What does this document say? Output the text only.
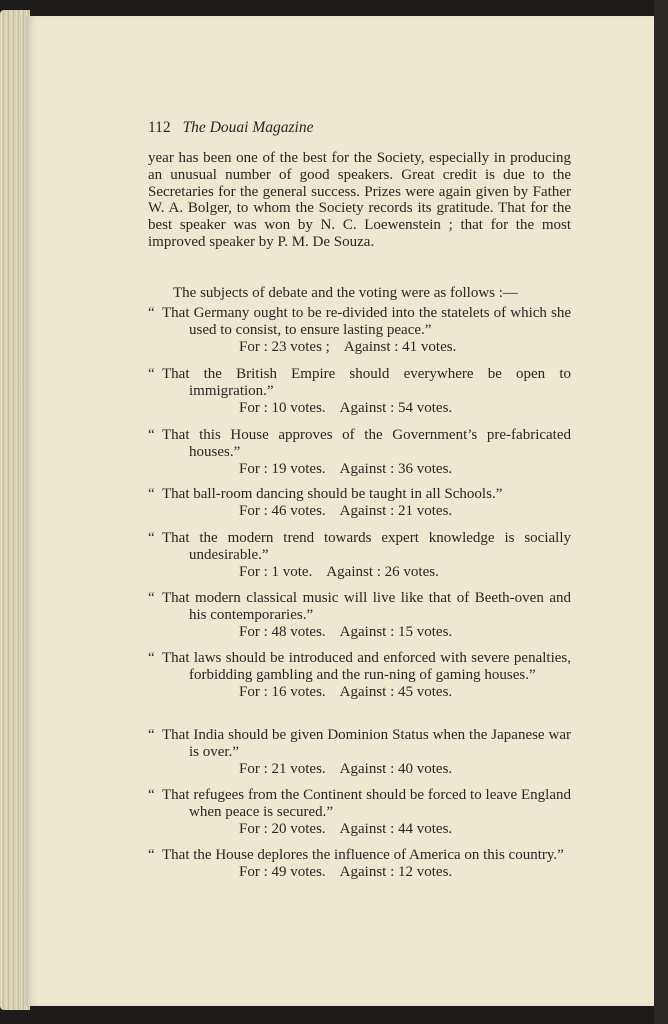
112 The Douai Magazine
year has been one of the best for the Society, especially in producing an unusual number of good speakers. Great credit is due to the Secretaries for the general success. Prizes were again given by Father W. A. Bolger, to whom the Society records its gratitude. That for the best speaker was won by N. C. Loewenstein ; that for the most improved speaker by P. M. De Souza.
The subjects of debate and the voting were as follows :—
“ That Germany ought to be re-divided into the statelets of which she used to consist, to ensure lasting peace.”
For : 23 votes ; Against : 41 votes.
“ That the British Empire should everywhere be open to immigration.”
For : 10 votes. Against : 54 votes.
“ That this House approves of the Government’s pre-fabricated houses.”
For : 19 votes. Against : 36 votes.
“ That ball-room dancing should be taught in all Schools.”
For : 46 votes. Against : 21 votes.
“ That the modern trend towards expert knowledge is socially undesirable.”
For : 1 vote. Against : 26 votes.
“ That modern classical music will live like that of Beeth-oven and his contemporaries.”
For : 48 votes. Against : 15 votes.
“ That laws should be introduced and enforced with severe penalties, forbidding gambling and the run-ning of gaming houses.”
For : 16 votes. Against : 45 votes.
“ That India should be given Dominion Status when the Japanese war is over.”
For : 21 votes. Against : 40 votes.
“ That refugees from the Continent should be forced to leave England when peace is secured.”
For : 20 votes. Against : 44 votes.
“ That the House deplores the influence of America on this country.”
For : 49 votes. Against : 12 votes.
